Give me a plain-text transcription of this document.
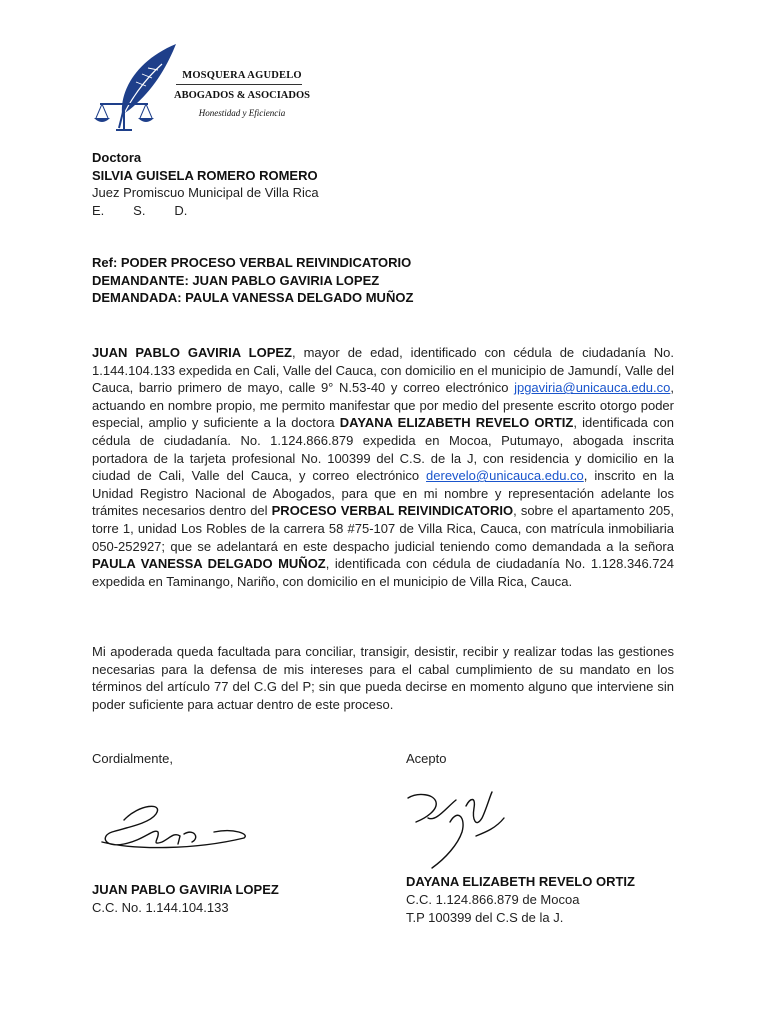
MOSQUERA AGUDELO
ABOGADOS & ASOCIADOS
Honestidad y Eficiencia
Doctora
SILVIA GUISELA ROMERO ROMERO
Juez Promiscuo Municipal de Villa Rica
E.        S.        D.
Ref: PODER PROCESO VERBAL REIVINDICATORIO
DEMANDANTE: JUAN PABLO GAVIRIA LOPEZ
DEMANDADA: PAULA VANESSA DELGADO MUÑOZ
JUAN PABLO GAVIRIA LOPEZ, mayor de edad, identificado con cédula de ciudadanía No. 1.144.104.133 expedida en Cali, Valle del Cauca, con domicilio en el municipio de Jamundí, Valle del Cauca, barrio primero de mayo, calle 9° N.53-40 y correo electrónico jpgaviria@unicauca.edu.co, actuando en nombre propio, me permito manifestar que por medio del presente escrito otorgo poder especial, amplio y suficiente a la doctora DAYANA ELIZABETH REVELO ORTIZ, identificada con cédula de ciudadanía. No. 1.124.866.879 expedida en Mocoa, Putumayo, abogada inscrita portadora de la tarjeta profesional No. 100399 del C.S. de la J, con residencia y domicilio en la ciudad de Cali, Valle del Cauca, y correo electrónico derevelo@unicauca.edu.co, inscrito en la Unidad Registro Nacional de Abogados, para que en mi nombre y representación adelante los trámites necesarios dentro del PROCESO VERBAL REIVINDICATORIO, sobre el apartamento 205, torre 1, unidad Los Robles de la carrera 58 #75-107 de Villa Rica, Cauca, con matrícula inmobiliaria 050-252927; que se adelantará en este despacho judicial teniendo como demandada a la señora PAULA VANESSA DELGADO MUÑOZ, identificada con cédula de ciudadanía No. 1.128.346.724 expedida en Taminango, Nariño, con domicilio en el municipio de Villa Rica, Cauca.
Mi apoderada queda facultada para conciliar, transigir, desistir, recibir y realizar todas las gestiones necesarias para la defensa de mis intereses para el cabal cumplimiento de su mandato en los términos del artículo 77 del C.G del P; sin que pueda decirse en momento alguno que interviene sin poder suficiente para actuar dentro de este proceso.
Cordialmente,
JUAN PABLO GAVIRIA LOPEZ
C.C. No. 1.144.104.133
Acepto
DAYANA ELIZABETH REVELO ORTIZ
C.C. 1.124.866.879 de Mocoa
T.P 100399 del C.S de la J.
